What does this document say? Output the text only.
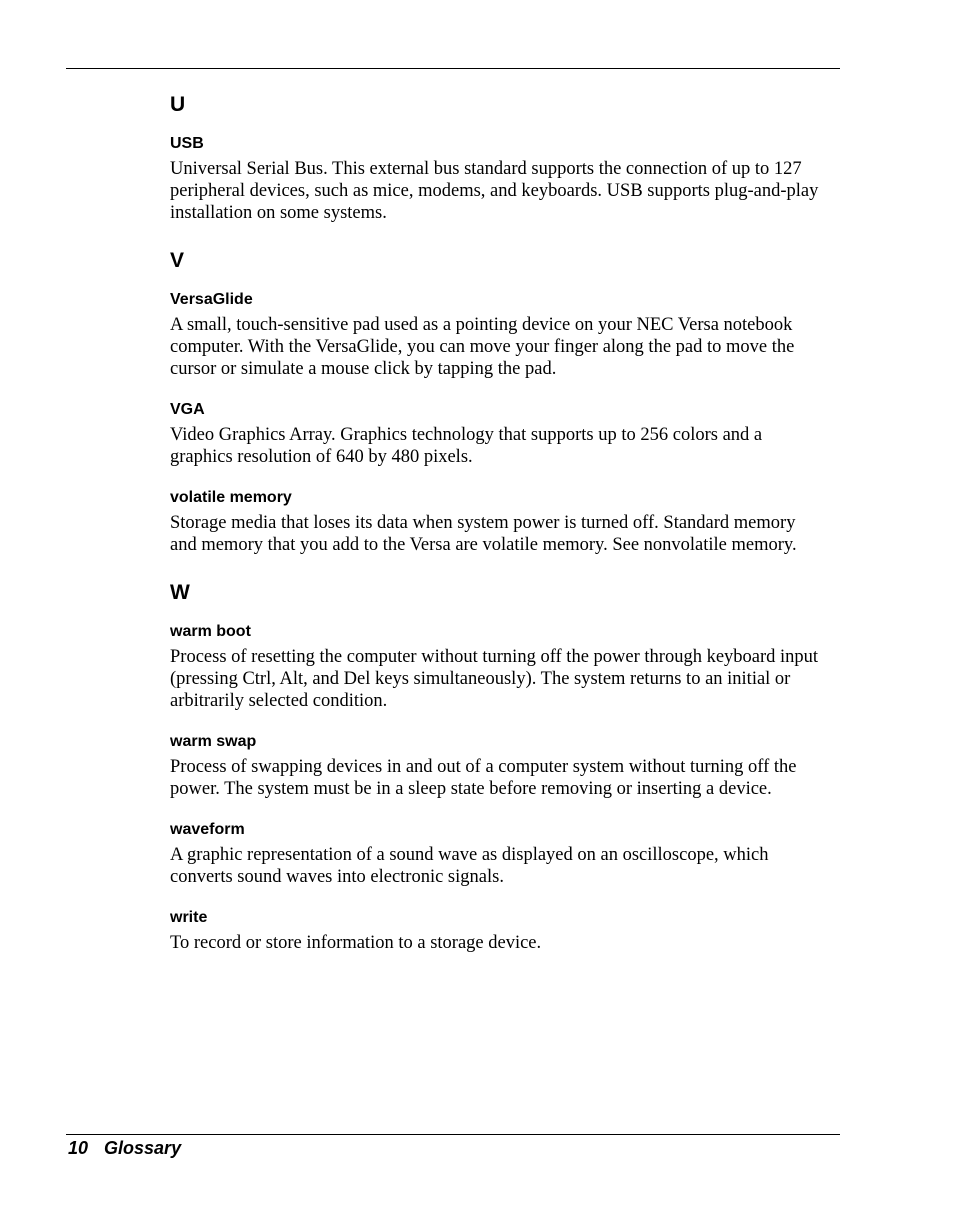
U
USB
Universal Serial Bus. This external bus standard supports the connection of up to 127
peripheral devices, such as mice, modems, and keyboards. USB supports plug-and-play
installation on some systems.
V
VersaGlide
A small, touch-sensitive pad used as a pointing device on your NEC Versa notebook
computer. With the VersaGlide, you can move your finger along the pad to move the
cursor or simulate a mouse click by tapping the pad.
VGA
Video Graphics Array. Graphics technology that supports up to 256 colors and a
graphics resolution of 640 by 480 pixels.
volatile memory
Storage media that loses its data when system power is turned off. Standard memory
and memory that you add to the Versa are volatile memory. See nonvolatile memory.
W
warm boot
Process of resetting the computer without turning off the power through keyboard input
(pressing Ctrl, Alt, and Del keys simultaneously). The system returns to an initial or
arbitrarily selected condition.
warm swap
Process of swapping devices in and out of a computer system without turning off the
power. The system must be in a sleep state before removing or inserting a device.
waveform
A graphic representation of a sound wave as displayed on an oscilloscope, which
converts sound waves into electronic signals.
write
To record or store information to a storage device.
10 Glossary
